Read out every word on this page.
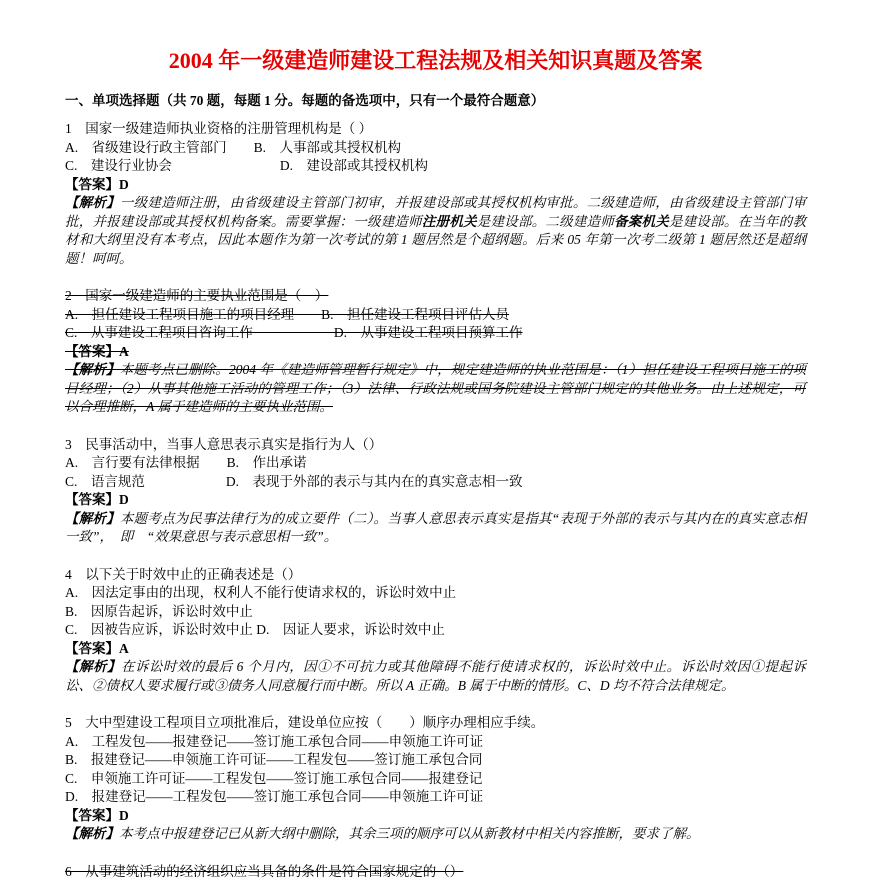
2004 年一级建造师建设工程法规及相关知识真题及答案
一、单项选择题（共 70 题，每题 1 分。每题的备选项中，只有一个最符合题意）
1　国家一级建造师执业资格的注册管理机构是（ ）
A.　省级建设行政主管部门　　B.　人事部或其授权机构
C.　建设行业协会　　　　　　　　D.　建设部或其授权机构
【答案】D
【解析】一级建造师注册，由省级建设主管部门初审，并报建设部或其授权机构审批。二级建造师，由省级建设主管部门审批，并报建设部或其授权机构备案。需要掌握：一级建造师注册机关是建设部。二级建造师备案机关是建设部。在当年的教材和大纲里没有本考点，因此本题作为第一次考试的第 1 题居然是个超纲题。后来 05 年第一次考二级第 1 题居然还是超纲题！呵呵。
2　国家一级建造师的主要执业范围是（　）
A.　担任建设工程项目施工的项目经理　　B.　担任建设工程项目评估人员
C.　从事建设工程项目咨询工作　　　　　　D.　从事建设工程项目预算工作
【答案】A
【解析】本题考点已删除。2004 年《建造师管理暂行规定》中，规定建造师的执业范围是：（1）担任建设工程项目施工的项目经理；（2）从事其他施工活动的管理工作；（3）法律、行政法规或国务院建设主管部门规定的其他业务。由上述规定，可以合理推断，A 属于建造师的主要执业范围。
3　民事活动中，当事人意思表示真实是指行为人（）
A.　言行要有法律根据　　B.　作出承诺
C.　语言规范　　　　　　D.　表现于外部的表示与其内在的真实意志相一致
【答案】D
【解析】本题考点为民事法律行为的成立要件（二）。当事人意思表示真实是指其“表现于外部的表示与其内在的真实意志相一致”，　即　“效果意思与表示意思相一致”。
4　以下关于时效中止的正确表述是（）
A.　因法定事由的出现，权利人不能行使请求权的，诉讼时效中止
B.　因原告起诉，诉讼时效中止
C.　因被告应诉，诉讼时效中止 D.　因证人要求，诉讼时效中止
【答案】A
【解析】在诉讼时效的最后 6 个月内，因①不可抗力或其他障碍不能行使请求权的，诉讼时效中止。诉讼时效因①提起诉讼、②债权人要求履行或③债务人同意履行而中断。所以 A 正确。B 属于中断的情形。C、D 均不符合法律规定。
5　大中型建设工程项目立项批准后，建设单位应按（　　）顺序办理相应手续。
A.　工程发包——报建登记——签订施工承包合同——申领施工许可证
B.　报建登记——申领施工许可证——工程发包——签订施工承包合同
C.　申领施工许可证——工程发包——签订施工承包合同——报建登记
D.　报建登记——工程发包——签订施工承包合同——申领施工许可证
【答案】D
【解析】本考点中报建登记已从新大纲中删除，其余三项的顺序可以从新教材中相关内容推断，要求了解。
6　从事建筑活动的经济组织应当具备的条件是符合国家规定的（）
